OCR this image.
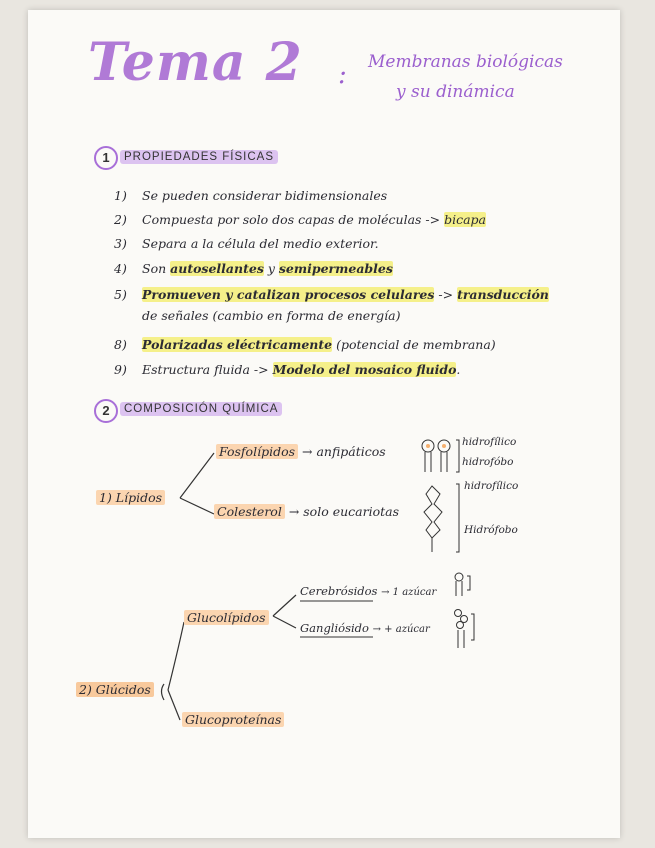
Tema 2 : Membranas biológicas
y su dinámica
1	PROPIEDADES FÍSICAS
1) Se pueden considerar bidimensionales
2) Compuesta por solo dos capas de moléculas -> bicapa
3) Separa a la célula del medio exterior.
4) Son autosellantes y semipermeables
5) Promueven y catalizan procesos celulares -> transducción
de señales (cambio en forma de energía)
8) Polarizadas eléctricamente (potencial de membrana)
9) Estructura fluida -> Modelo del mosaico fluido.
2	COMPOSICIÓN QUÍMICA
1) Lípidos
Fosfolípidos → anfipáticos
Colesterol → solo eucariotas
hidrofílico
hidrofóbo
hidrofílico
Hidrófobo
2) Glúcidos
Glucolípidos
Cerebrósidos → 1 azúcar
Gangliósido → + azúcar
Glucoproteínas
